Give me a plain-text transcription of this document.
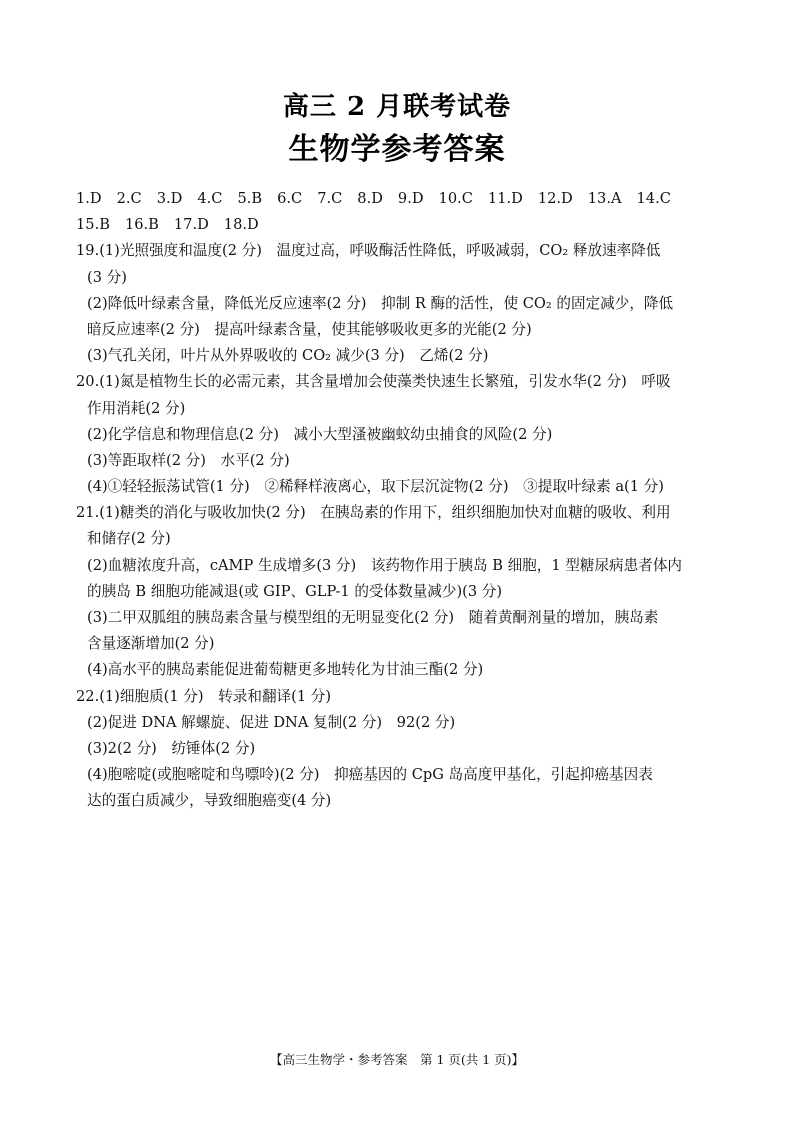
高三 2 月联考试卷
生物学参考答案
1.D 2.C 3.D 4.C 5.B 6.C 7.C 8.D 9.D 10.C 11.D 12.D 13.A 14.C
15.B 16.B 17.D 18.D
19.(1)光照强度和温度(2 分)　温度过高，呼吸酶活性降低，呼吸减弱，CO₂ 释放速率降低
(3 分)
(2)降低叶绿素含量，降低光反应速率(2 分)　抑制 R 酶的活性，使 CO₂ 的固定减少，降低
暗反应速率(2 分)　提高叶绿素含量，使其能够吸收更多的光能(2 分)
(3)气孔关闭，叶片从外界吸收的 CO₂ 减少(3 分)　乙烯(2 分)
20.(1)氮是植物生长的必需元素，其含量增加会使藻类快速生长繁殖，引发水华(2 分)　呼吸
作用消耗(2 分)
(2)化学信息和物理信息(2 分)　减小大型溞被幽蚊幼虫捕食的风险(2 分)
(3)等距取样(2 分)　水平(2 分)
(4)①轻轻振荡试管(1 分)　②稀释样液离心，取下层沉淀物(2 分)　③提取叶绿素 a(1 分)
21.(1)糖类的消化与吸收加快(2 分)　在胰岛素的作用下，组织细胞加快对血糖的吸收、利用
和储存(2 分)
(2)血糖浓度升高，cAMP 生成增多(3 分)　该药物作用于胰岛 B 细胞，1 型糖尿病患者体内
的胰岛 B 细胞功能减退(或 GIP、GLP-1 的受体数量减少)(3 分)
(3)二甲双胍组的胰岛素含量与模型组的无明显变化(2 分)　随着黄酮剂量的增加，胰岛素
含量逐渐增加(2 分)
(4)高水平的胰岛素能促进葡萄糖更多地转化为甘油三酯(2 分)
22.(1)细胞质(1 分)　转录和翻译(1 分)
(2)促进 DNA 解螺旋、促进 DNA 复制(2 分)　92(2 分)
(3)2(2 分)　纺锤体(2 分)
(4)胞嘧啶(或胞嘧啶和鸟嘌呤)(2 分)　抑癌基因的 CpG 岛高度甲基化，引起抑癌基因表
达的蛋白质减少，导致细胞癌变(4 分)
【高三生物学・参考答案　第 1 页(共 1 页)】
